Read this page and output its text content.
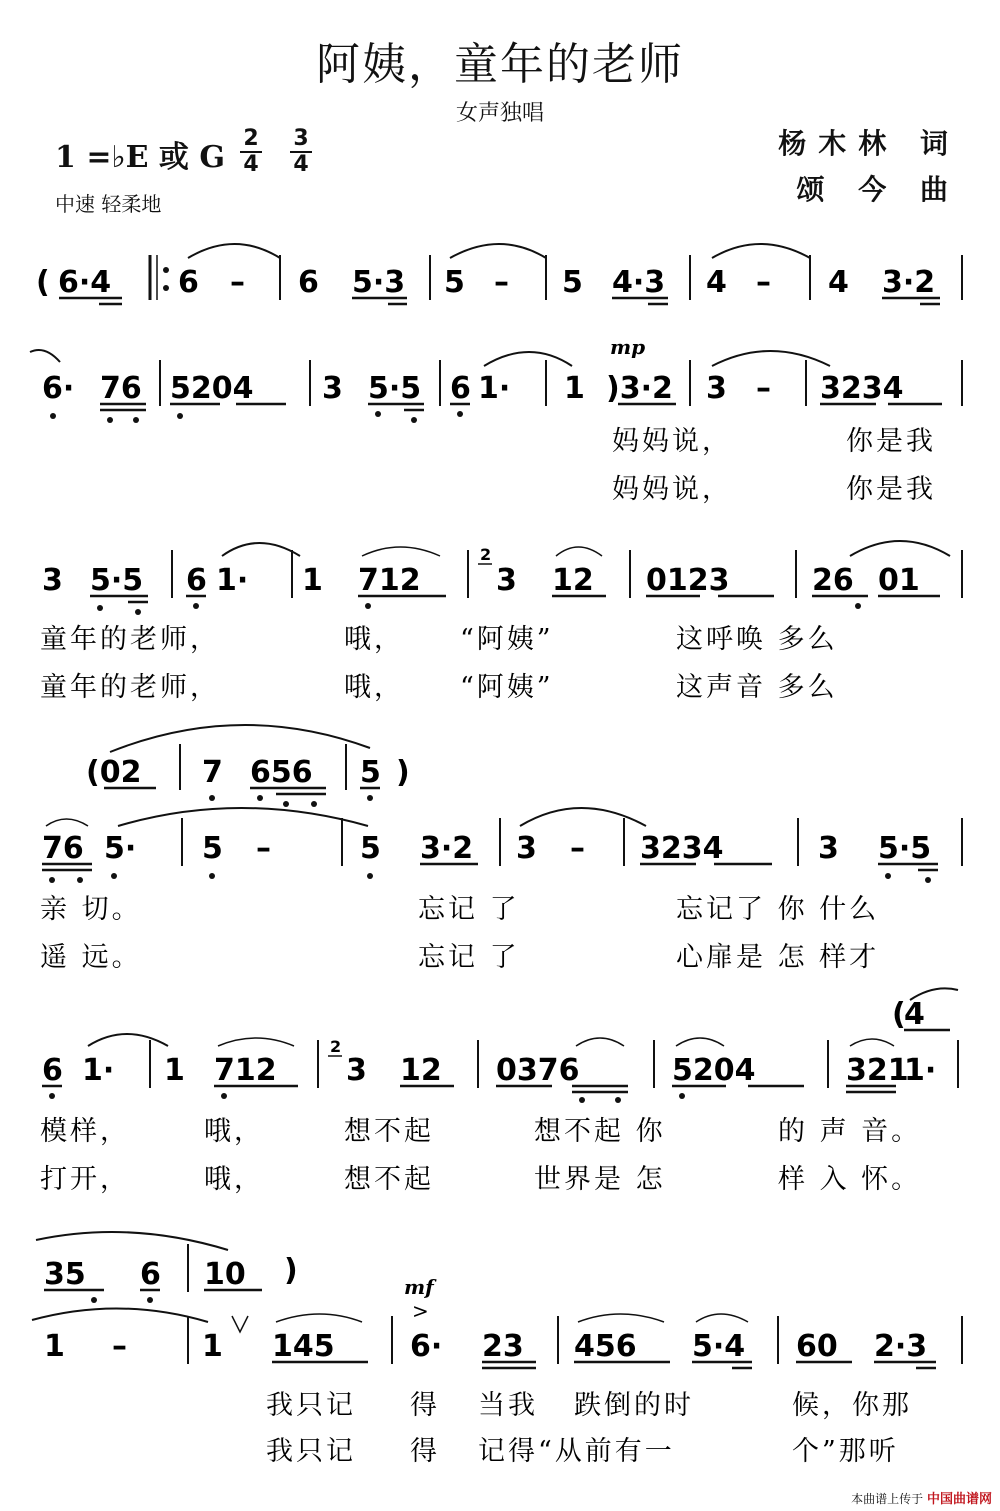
阿姨，童年的老师
女声独唱
1 =♭E 或 G
2
4
3
4
中速 轻柔地
杨木林 词
颂 今 曲
( 6·4 6 – 6 5·3 5 – 5 4·3 4 – 4 3·2
6· 76 5204 3 5·5 6 1· 1
mp
)3·2 3 – 3234
妈妈说，	你是我
妈妈说，	你是我
3 5·5 6 1· 1 712
2
3 12 0123	26 01
童年的老师，	哦， “阿姨”	这呼唤 多么
童年的老师，	哦， “阿姨”	这声音 多么
(02 7 656 5 )
76 5· 5 –	5 3·2 3 – 3234	3 5·5
亲 切。	忘记 了	忘记了 你 什么
遥 远。	忘记 了	心扉是 怎 样才
6 1· 1 712
2
3 12 0376	5204	321
1·
(
4
模样，	哦，	想不起	想不起 你	的 声 音。
打开，	哦，	想不起	世界是 怎	样 入 怀。
35 6 10 )
1 –	1 145
mf
>
6· 23 456 5·4 60 2·3
我只记 得 当我 跌倒的时	候，你那
我只记 得 记得“从前有一	个”那听
本曲谱上传于 中国曲谱网
